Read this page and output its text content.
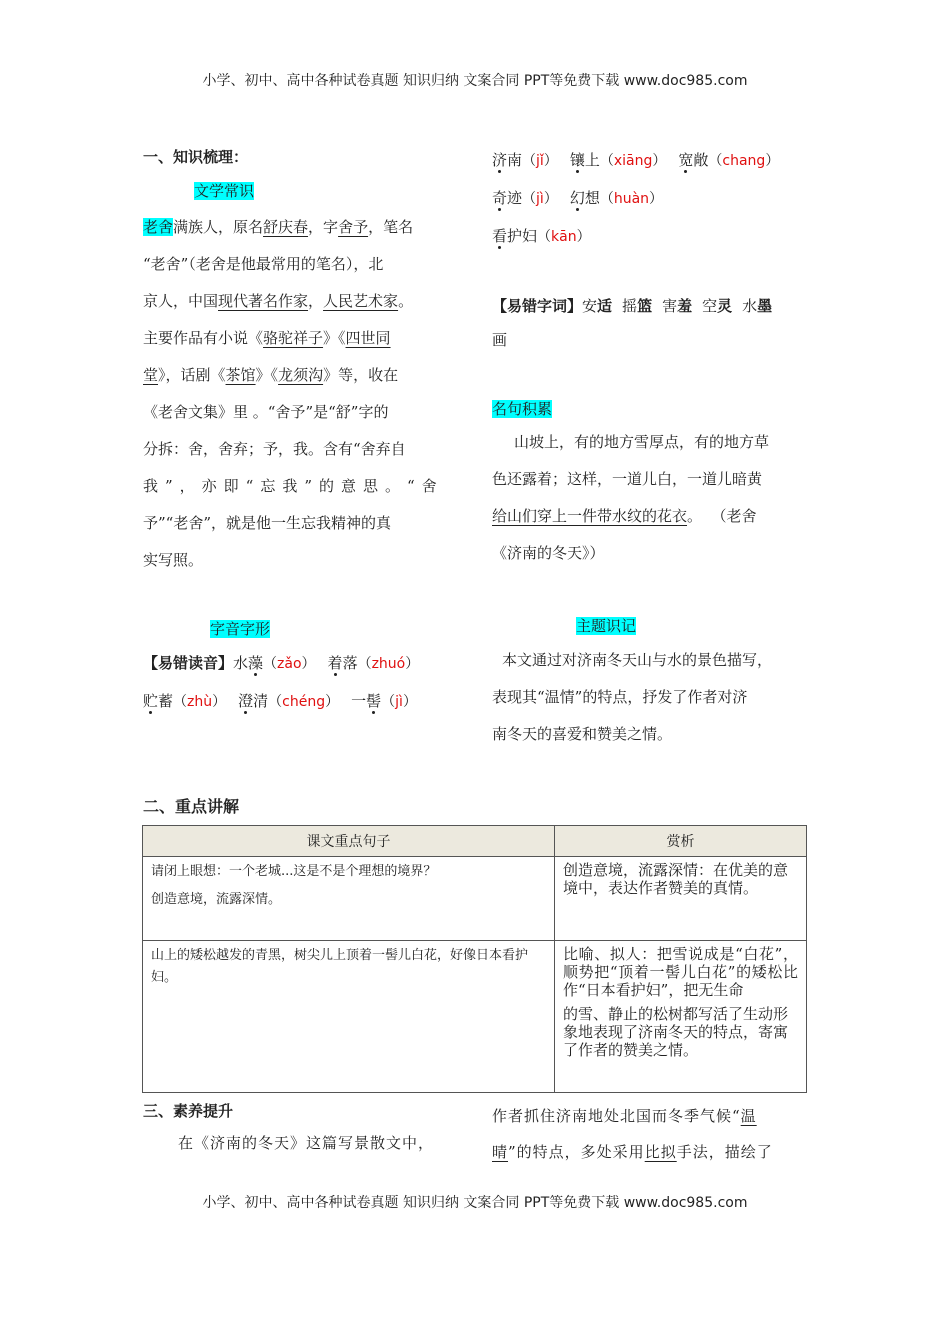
小学、初中、高中各种试卷真题 知识归纳 文案合同 PPT等免费下载 www.doc985.com
一、知识梳理：
文学常识
老舍满族人，原名舒庆春，字舍予，笔名
“老舍”（老舍是他最常用的笔名），北
京人，中国现代著名作家，人民艺术家。
主要作品有小说《骆驼祥子》《四世同
堂》，话剧《茶馆》《龙须沟》等，收在
《老舍文集》里 。“舍予”是“舒”字的
分拆：舍，舍弃；予，我。含有“舍弃自
我”，亦即“忘我”的意思。“舍
予”“老舍”，就是他一生忘我精神的真
实写照。
字音字形
【易错读音】水藻（zǎo） 着落（zhuó）
贮蓄（zhù） 澄清（chéng） 一髻（jì）
济南（jǐ） 镶上（xiāng） 宽敞（chang）
奇迹（jì） 幻想（huàn）
看护妇（kān）
【易错字词】安适 摇篮 害羞 空灵 水墨
画
名句积累
山坡上，有的地方雪厚点，有的地方草
色还露着；这样，一道儿白，一道儿暗黄
给山们穿上一件带水纹的花衣。  （老舍
《济南的冬天》）
主题识记
本文通过对济南冬天山与水的景色描写，
表现其“温情”的特点，抒发了作者对济
南冬天的喜爱和赞美之情。
二、重点讲解
课文重点句子	赏析

请闭上眼想：一个老城...这是不是个理想的境界？
创造意境，流露深情。	创造意境，流露深情：在优美的意境中，表达作者赞美的真情。

山上的矮松越发的青黑，树尖儿上顶着一髻儿白花，好像日本看护妇。	比喻、拟人：把雪说成是“白花”，顺势把“顶着一髻儿白花”的矮松比作“日本看护妇”，把无生命
的雪、静止的松树都写活了生动形象地表现了济南冬天的特点，寄寓了作者的赞美之情。
三、素养提升
在《济南的冬天》这篇写景散文中，
作者抓住济南地处北国而冬季气候“温
晴”的特点，多处采用比拟手法，描绘了
小学、初中、高中各种试卷真题 知识归纳 文案合同 PPT等免费下载 www.doc985.com
